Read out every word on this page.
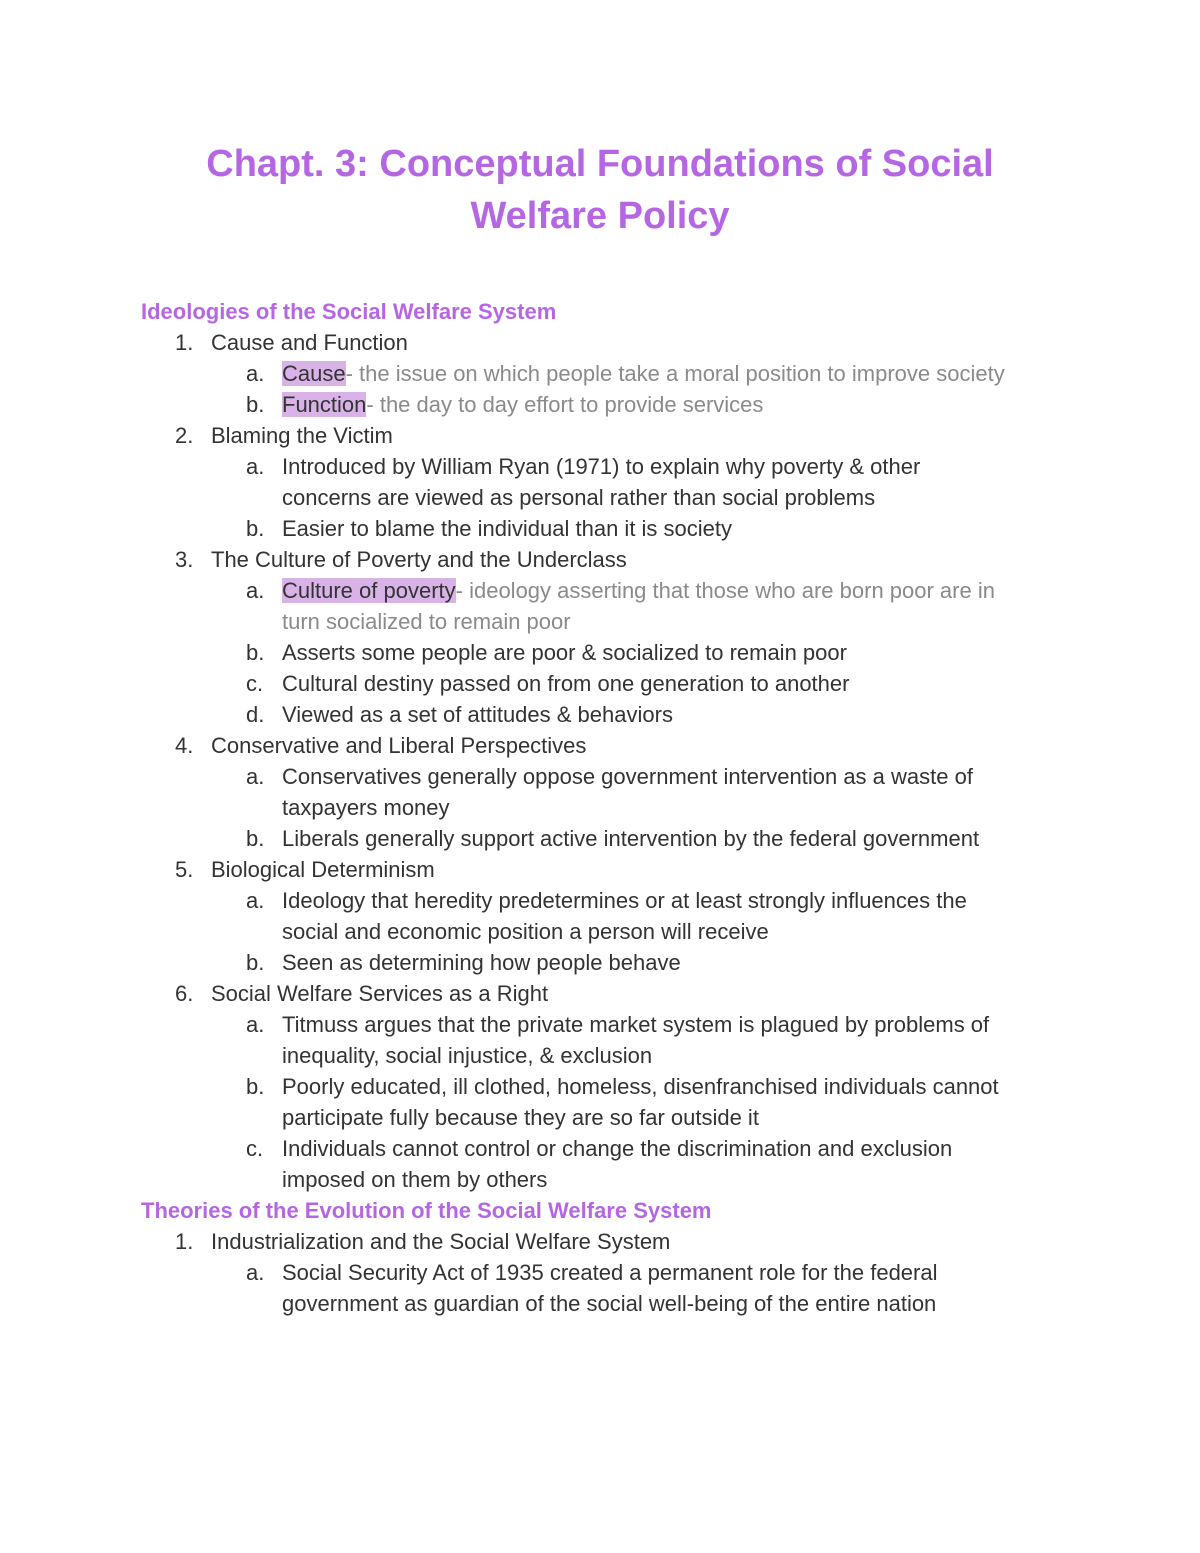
Chapt. 3: Conceptual Foundations of Social
Welfare Policy
Ideologies of the Social Welfare System
1. Cause and Function
a. Cause- the issue on which people take a moral position to improve society
b. Function- the day to day effort to provide services
2. Blaming the Victim
a. Introduced by William Ryan (1971) to explain why poverty & other
concerns are viewed as personal rather than social problems
b. Easier to blame the individual than it is society
3. The Culture of Poverty and the Underclass
a. Culture of poverty- ideology asserting that those who are born poor are in
turn socialized to remain poor
b. Asserts some people are poor & socialized to remain poor
c. Cultural destiny passed on from one generation to another
d. Viewed as a set of attitudes & behaviors
4. Conservative and Liberal Perspectives
a. Conservatives generally oppose government intervention as a waste of
taxpayers money
b. Liberals generally support active intervention by the federal government
5. Biological Determinism
a. Ideology that heredity predetermines or at least strongly influences the
social and economic position a person will receive
b. Seen as determining how people behave
6. Social Welfare Services as a Right
a. Titmuss argues that the private market system is plagued by problems of
inequality, social injustice, & exclusion
b. Poorly educated, ill clothed, homeless, disenfranchised individuals cannot
participate fully because they are so far outside it
c. Individuals cannot control or change the discrimination and exclusion
imposed on them by others
Theories of the Evolution of the Social Welfare System
1. Industrialization and the Social Welfare System
a. Social Security Act of 1935 created a permanent role for the federal
government as guardian of the social well-being of the entire nation
